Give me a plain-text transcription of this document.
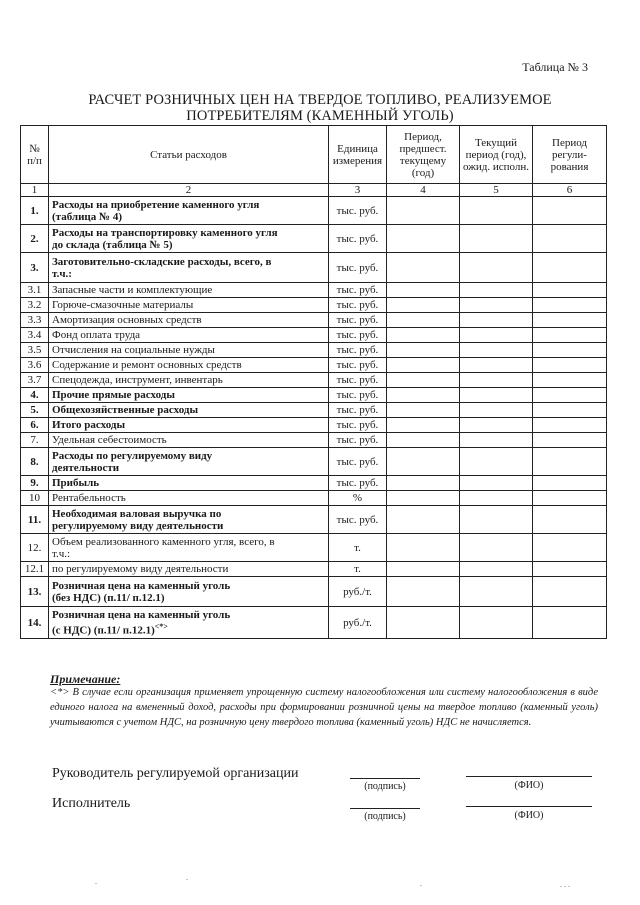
Таблица № 3
РАСЧЕТ РОЗНИЧНЫХ ЦЕН НА ТВЕРДОЕ ТОПЛИВО, РЕАЛИЗУЕМОЕ
ПОТРЕБИТЕЛЯМ (КАМЕННЫЙ УГОЛЬ)
№ п/п	Статьи расходов	Единица измерения	Период, предшест. текущему (год)	Текущий период (год), ожид. исполн.	Период регули-рования
1	2	3	4	5	6
1.	Расходы на приобретение каменного угля
(таблица № 4)	тыс. руб.			
2.	Расходы на транспортировку каменного угля
до склада (таблица № 5)	тыс. руб.			
3.	Заготовительно-складские расходы, всего, в
т.ч.:	тыс. руб.			
3.1	Запасные части и комплектующие	тыс. руб.			
3.2	Горюче-смазочные материалы	тыс. руб.			
3.3	Амортизация основных средств	тыс. руб.			
3.4	Фонд оплата труда	тыс. руб.			
3.5	Отчисления на социальные нужды	тыс. руб.			
3.6	Содержание и ремонт основных средств	тыс. руб.			
3.7	Спецодежда, инструмент, инвентарь	тыс. руб.			
4.	Прочие прямые расходы	тыс. руб.			
5.	Общехозяйственные расходы	тыс. руб.			
6.	Итого расходы	тыс. руб.			
7.	Удельная себестоимость	тыс. руб.			
8.	Расходы по регулируемому виду
деятельности	тыс. руб.			
9.	Прибыль	тыс. руб.			
10	Рентабельность	%			
11.	Необходимая валовая выручка по
регулируемому виду деятельности	тыс. руб.			
12.	Объем реализованного каменного угля, всего, в
т.ч.:	т.			
12.1	по регулируемому виду деятельности	т.			
13.	Розничная цена на каменный уголь
(без НДС) (п.11/ п.12.1)	руб./т.			
14.	Розничная цена на каменный уголь
(с НДС) (п.11/ п.12.1)<*>	руб./т.			
Примечание:
<*> В случае если организация применяет упрощенную систему налогообложения или систему налогообложения в виде единого налога на вмененный доход, расходы при формировании розничной цены на твердое топливо (каменный уголь) учитываются с учетом НДС, на розничную цену твердого топлива (каменный уголь) НДС не начисляется.
Руководитель регулируемой организации
(подпись)	(ФИО)
Исполнитель
(подпись)	(ФИО)
.	.
.	. . .
